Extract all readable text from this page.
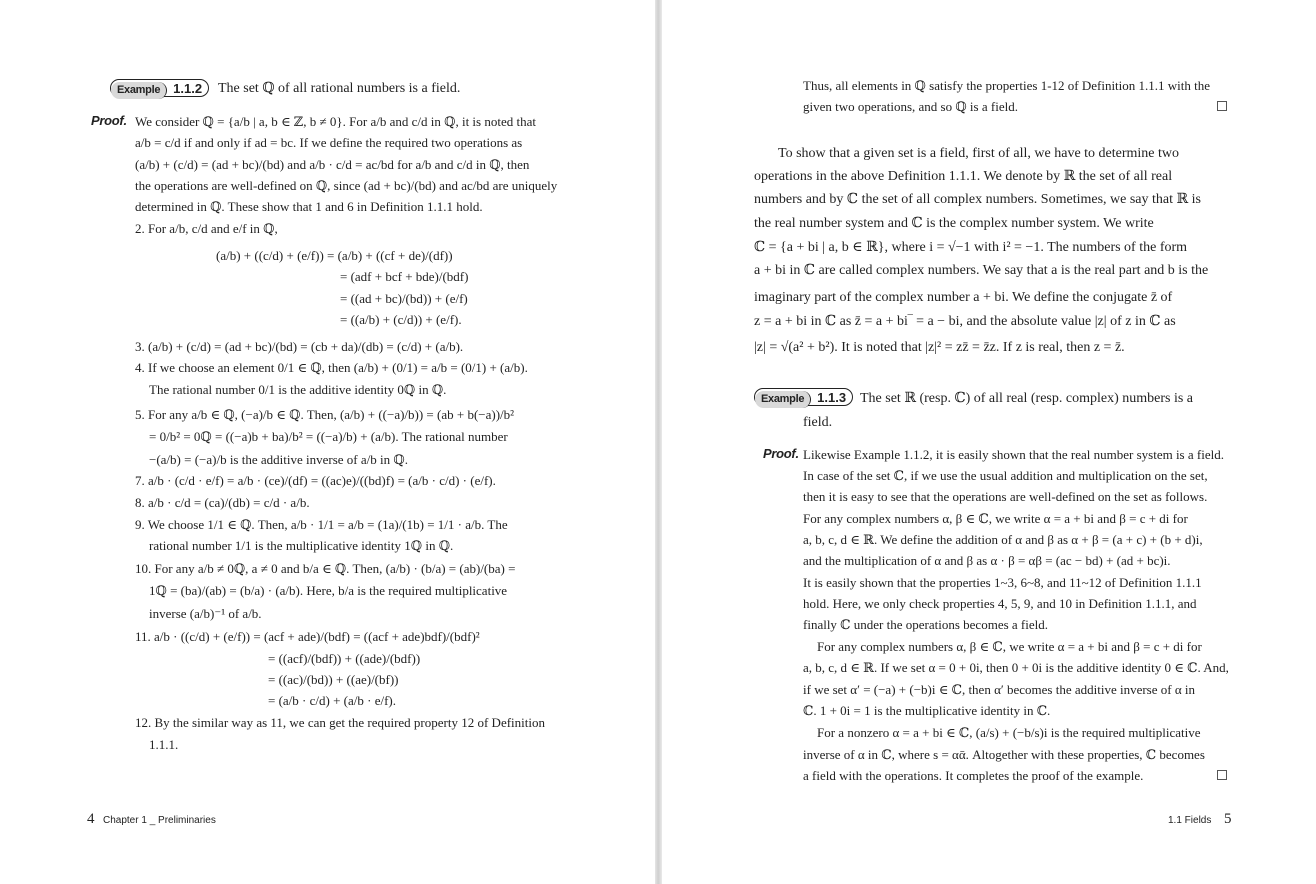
Example 1.1.2	The set ℚ of all rational numbers is a field.
Proof. We consider ℚ = {a/b | a, b ∈ ℤ, b ≠ 0}. For a/b and c/d in ℚ, it is noted that
a/b = c/d if and only if ad = bc. If we define the required two operations as
(a/b) + (c/d) = (ad + bc)/(bd) and a/b · c/d = ac/bd for a/b and c/d in ℚ, then
the operations are well-defined on ℚ, since (ad + bc)/(bd) and ac/bd are uniquely
determined in ℚ. These show that 1 and 6 in Definition 1.1.1 hold.
2. For a/b, c/d and e/f in ℚ,
(a/b) + ((c/d) + (e/f)) = (a/b) + ((cf + de)/(df))
= (adf + bcf + bde)/(bdf)
= ((ad + bc)/(bd)) + (e/f)
= ((a/b) + (c/d)) + (e/f).
3. (a/b) + (c/d) = (ad + bc)/(bd) = (cb + da)/(db) = (c/d) + (a/b).
4. If we choose an element 0/1 ∈ ℚ, then (a/b) + (0/1) = a/b = (0/1) + (a/b).
The rational number 0/1 is the additive identity 0ℚ in ℚ.
5. For any a/b ∈ ℚ, (−a)/b ∈ ℚ. Then, (a/b) + ((−a)/b)) = (ab + b(−a))/b²
= 0/b² = 0ℚ = ((−a)b + ba)/b² = ((−a)/b) + (a/b). The rational number
−(a/b) = (−a)/b is the additive inverse of a/b in ℚ.
7. a/b · (c/d · e/f) = a/b · (ce)/(df) = ((ac)e)/((bd)f) = (a/b · c/d) · (e/f).
8. a/b · c/d = (ca)/(db) = c/d · a/b.
9. We choose 1/1 ∈ ℚ. Then, a/b · 1/1 = a/b = (1a)/(1b) = 1/1 · a/b. The
rational number 1/1 is the multiplicative identity 1ℚ in ℚ.
10. For any a/b ≠ 0ℚ, a ≠ 0 and b/a ∈ ℚ. Then, (a/b) · (b/a) = (ab)/(ba) =
1ℚ = (ba)/(ab) = (b/a) · (a/b). Here, b/a is the required multiplicative
inverse (a/b)⁻¹ of a/b.
11. a/b · ((c/d) + (e/f)) = (acf + ade)/(bdf) = ((acf + ade)bdf)/(bdf)²
= ((acf)/(bdf)) + ((ade)/(bdf))
= ((ac)/(bd)) + ((ae)/(bf))
= (a/b · c/d) + (a/b · e/f).
12. By the similar way as 11, we can get the required property 12 of Definition
1.1.1.
4 Chapter 1 _ Preliminaries
Thus, all elements in ℚ satisfy the properties 1-12 of Definition 1.1.1 with the
given two operations, and so ℚ is a field.
To show that a given set is a field, first of all, we have to determine two
operations in the above Definition 1.1.1. We denote by ℝ the set of all real
numbers and by ℂ the set of all complex numbers. Sometimes, we say that ℝ is
the real number system and ℂ is the complex number system. We write
ℂ = {a + bi | a, b ∈ ℝ}, where i = √−1 with i² = −1. The numbers of the form
a + bi in ℂ are called complex numbers. We say that a is the real part and b is the
imaginary part of the complex number a + bi. We define the conjugate z̄ of
z = a + bi in ℂ as z̄ = a + bi‾ = a − bi, and the absolute value |z| of z in ℂ as
|z| = √(a² + b²). It is noted that |z|² = zz̄ = z̄z. If z is real, then z = z̄.
Example 1.1.3 The set ℝ (resp. ℂ) of all real (resp. complex) numbers is a
field.
Proof. Likewise Example 1.1.2, it is easily shown that the real number system is a field.
In case of the set ℂ, if we use the usual addition and multiplication on the set,
then it is easy to see that the operations are well-defined on the set as follows.
For any complex numbers α, β ∈ ℂ, we write α = a + bi and β = c + di for
a, b, c, d ∈ ℝ. We define the addition of α and β as α + β = (a + c) + (b + d)i,
and the multiplication of α and β as α · β = αβ = (ac − bd) + (ad + bc)i.
It is easily shown that the properties 1~3, 6~8, and 11~12 of Definition 1.1.1
hold. Here, we only check properties 4, 5, 9, and 10 in Definition 1.1.1, and
finally ℂ under the operations becomes a field.
For any complex numbers α, β ∈ ℂ, we write α = a + bi and β = c + di for
a, b, c, d ∈ ℝ. If we set α = 0 + 0i, then 0 + 0i is the additive identity 0 ∈ ℂ. And,
if we set α′ = (−a) + (−b)i ∈ ℂ, then α′ becomes the additive inverse of α in
ℂ. 1 + 0i = 1 is the multiplicative identity in ℂ.
For a nonzero α = a + bi ∈ ℂ, (a/s) + (−b/s)i is the required multiplicative
inverse of α in ℂ, where s = αᾱ. Altogether with these properties, ℂ becomes
a field with the operations. It completes the proof of the example.
1.1 Fields 5
